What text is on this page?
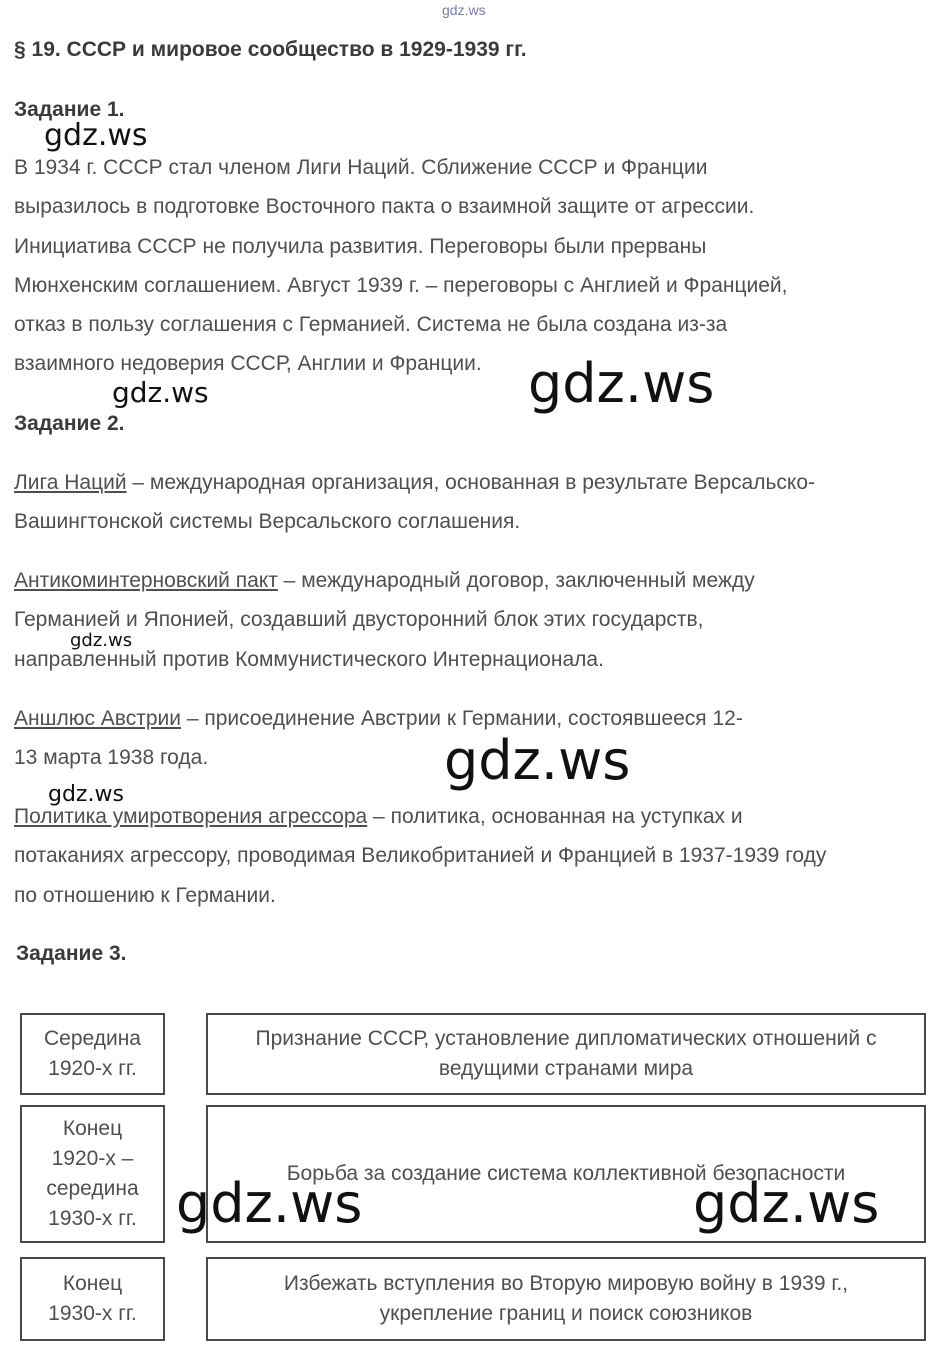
gdz.ws
§ 19. СССР и мировое сообщество в 1929-1939 гг.
Задание 1.
В 1934 г. СССР стал членом Лиги Наций. Сближение СССР и Франции
выразилось в подготовке Восточного пакта о взаимной защите от агрессии.
Инициатива СССР не получила развития. Переговоры были прерваны
Мюнхенским соглашением. Август 1939 г. – переговоры с Англией и Францией,
отказ в пользу соглашения с Германией. Система не была создана из-за
взаимного недоверия СССР, Англии и Франции.
Задание 2.
Лига Наций – международная организация, основанная в результате Версальско-
Вашингтонской системы Версальского соглашения.
Антикоминтерновский пакт – международный договор, заключенный между
Германией и Японией, создавший двусторонний блок этих государств,
направленный против Коммунистического Интернационала.
Аншлюс Австрии – присоединение Австрии к Германии, состоявшееся 12-
13 марта 1938 года.
Политика умиротворения агрессора – политика, основанная на уступках и
потаканиях агрессору, проводимая Великобританией и Францией в 1937-1939 году
по отношению к Германии.
Задание 3.
Середина
1920-х гг.
Признание СССР, установление дипломатических отношений с
ведущими странами мира
Конец
1920-х –
середина
1930-х гг.
Борьба за создание система коллективной безопасности
Конец
1930-х гг.
Избежать вступления во Вторую мировую войну в 1939 г.,
укрепление границ и поиск союзников
gdz.ws
gdz.ws	gdz.ws
gdz.ws
gdz.ws
gdz.ws
gdz.ws	gdz.ws
